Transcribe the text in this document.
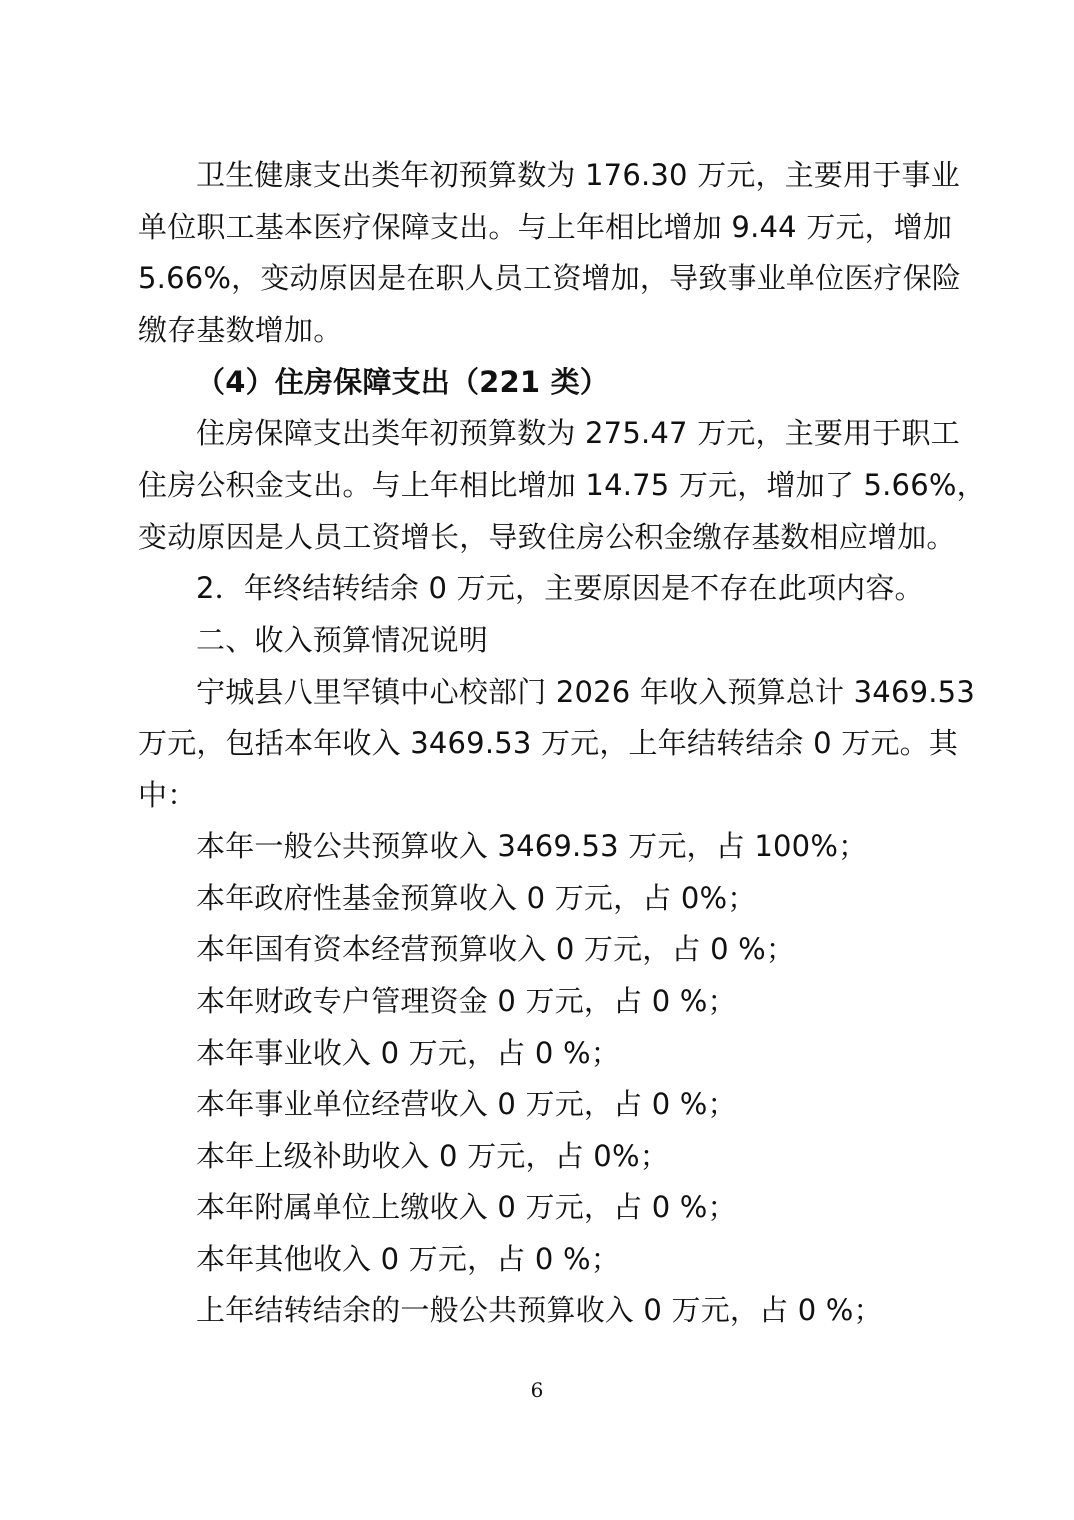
卫生健康支出类年初预算数为 176.30 万元，主要用于事业
单位职工基本医疗保障支出。与上年相比增加 9.44 万元，增加
5.66%，变动原因是在职人员工资增加，导致事业单位医疗保险
缴存基数增加。
（4）住房保障支出（221 类）
住房保障支出类年初预算数为 275.47 万元，主要用于职工
住房公积金支出。与上年相比增加 14.75 万元，增加了 5.66%，
变动原因是人员工资增长，导致住房公积金缴存基数相应增加。
2．年终结转结余 0 万元，主要原因是不存在此项内容。
二、收入预算情况说明
宁城县八里罕镇中心校部门 2026 年收入预算总计 3469.53
万元，包括本年收入 3469.53 万元，上年结转结余 0 万元。其
中：
本年一般公共预算收入 3469.53 万元，占 100%；
本年政府性基金预算收入 0 万元，占 0%；
本年国有资本经营预算收入 0 万元，占 0 %；
本年财政专户管理资金 0 万元，占 0 %；
本年事业收入 0 万元，占 0 %；
本年事业单位经营收入 0 万元，占 0 %；
本年上级补助收入 0 万元，占 0%；
本年附属单位上缴收入 0 万元，占 0 %；
本年其他收入 0 万元，占 0 %；
上年结转结余的一般公共预算收入 0 万元，占 0 %；
6
